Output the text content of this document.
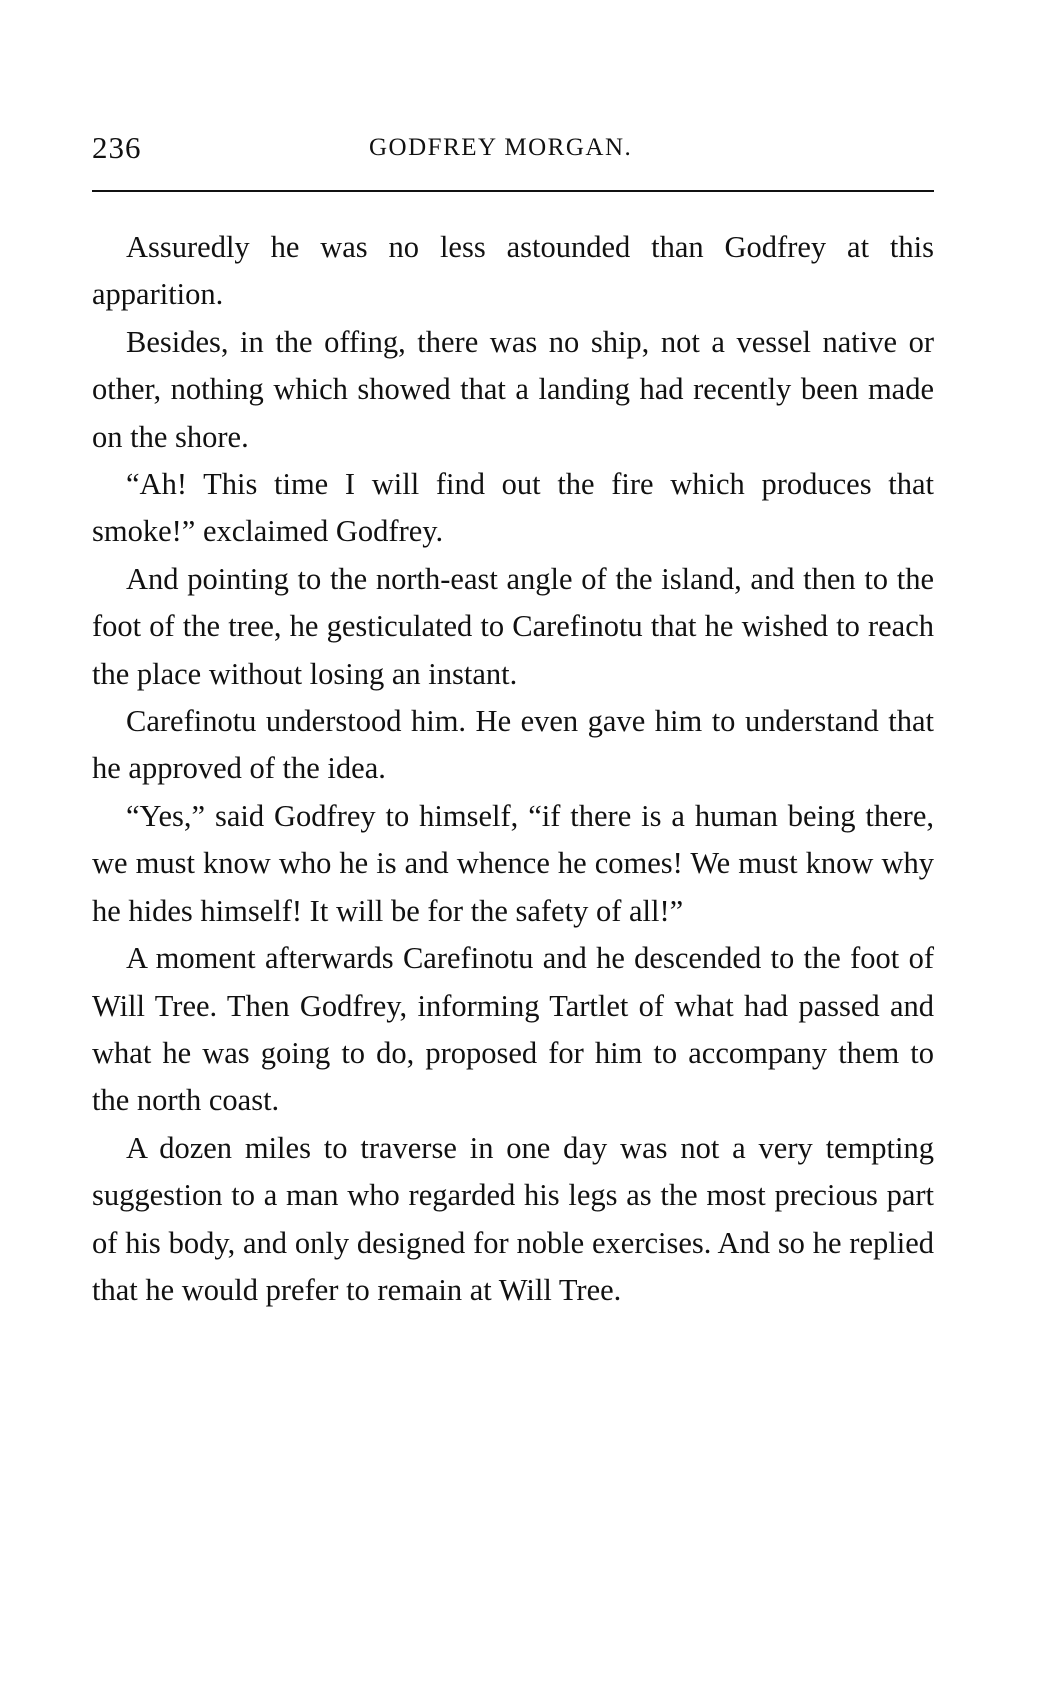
236	GODFREY MORGAN.

Assuredly he was no less astounded than Godfrey at this apparition.

Besides, in the offing, there was no ship, not a vessel native or other, nothing which showed that a landing had recently been made on the shore.

“Ah! This time I will find out the fire which produces that smoke!” exclaimed Godfrey.

And pointing to the north-east angle of the island, and then to the foot of the tree, he gesticulated to Carefinotu that he wished to reach the place without losing an instant.

Carefinotu understood him. He even gave him to understand that he approved of the idea.

“Yes,” said Godfrey to himself, “if there is a human being there, we must know who he is and whence he comes! We must know why he hides himself! It will be for the safety of all!”

A moment afterwards Carefinotu and he descended to the foot of Will Tree. Then Godfrey, informing Tartlet of what had passed and what he was going to do, proposed for him to accompany them to the north coast.

A dozen miles to traverse in one day was not a very tempting suggestion to a man who regarded his legs as the most precious part of his body, and only designed for noble exercises. And so he replied that he would prefer to remain at Will Tree.
